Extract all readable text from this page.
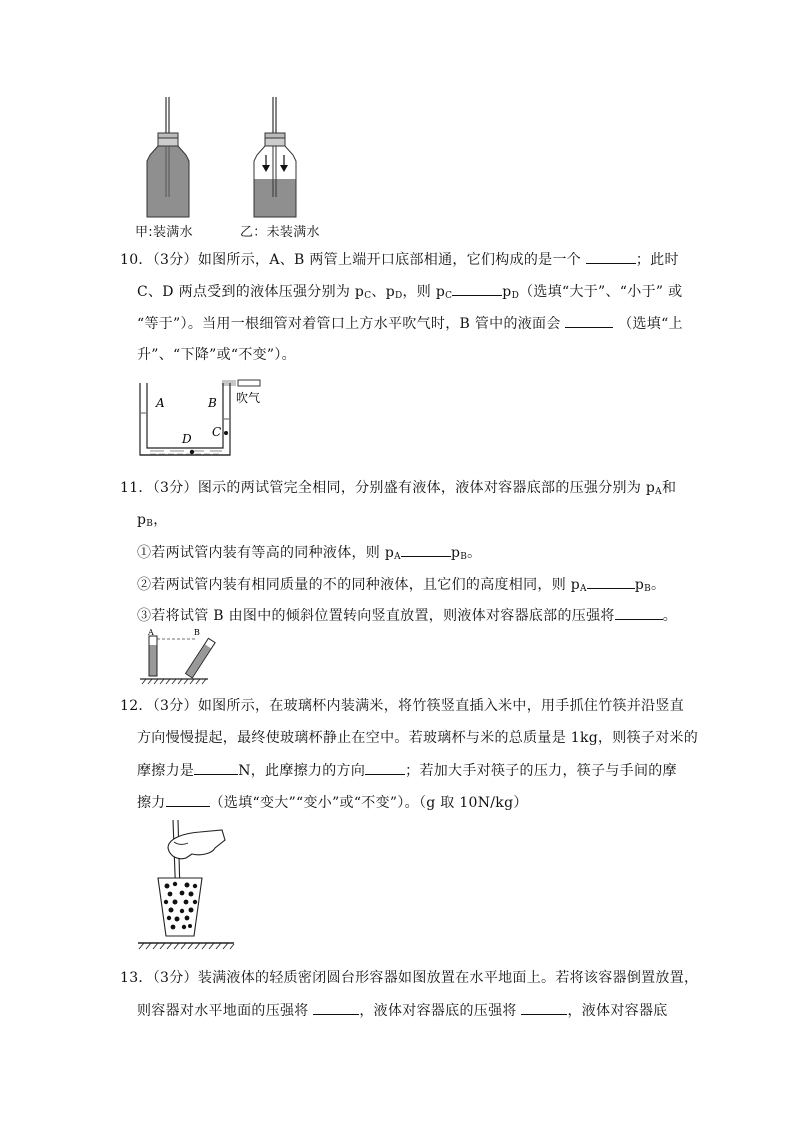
甲:装满水	乙：未装满水
10．（3分）如图所示，A、B 两管上端开口底部相通，它们构成的是一个	；此时
C、D 两点受到的液体压强分别为 $p_C$、$p_D$，则 $p_C$	$p_D$（选填“大于”、“小于” 或
“等于”）。当用一根细管对着管口上方水平吹气时，B 管中的液面会	（选填“上
升”、“下降”或“不变”）。
A	B
C
D
吹气
11．（3分）图示的两试管完全相同，分别盛有液体，液体对容器底部的压强分别为 $p_A$和
$p_B$，
①若两试管内装有等高的同种液体，则 $p_A$	$p_B$。
②若两试管内装有相同质量的不的同种液体，且它们的高度相同，则 $p_A$	$p_B$。
③若将试管 B 由图中的倾斜位置转向竖直放置，则液体对容器底部的压强将	。
A	B
12．（3分）如图所示，在玻璃杯内装满米，将竹筷竖直插入米中，用手抓住竹筷并沿竖直
方向慢慢提起，最终使玻璃杯静止在空中。若玻璃杯与米的总质量是 1kg，则筷子对米的
摩擦力是	N，此摩擦力的方向	；若加大手对筷子的压力，筷子与手间的摩
擦力	（选填“变大”“变小”或“不变”）。（g 取 10N/kg）
13．（3分）装满液体的轻质密闭圆台形容器如图放置在水平地面上。若将该容器倒置放置，
则容器对水平地面的压强将	，液体对容器底的压强将	，液体对容器底
